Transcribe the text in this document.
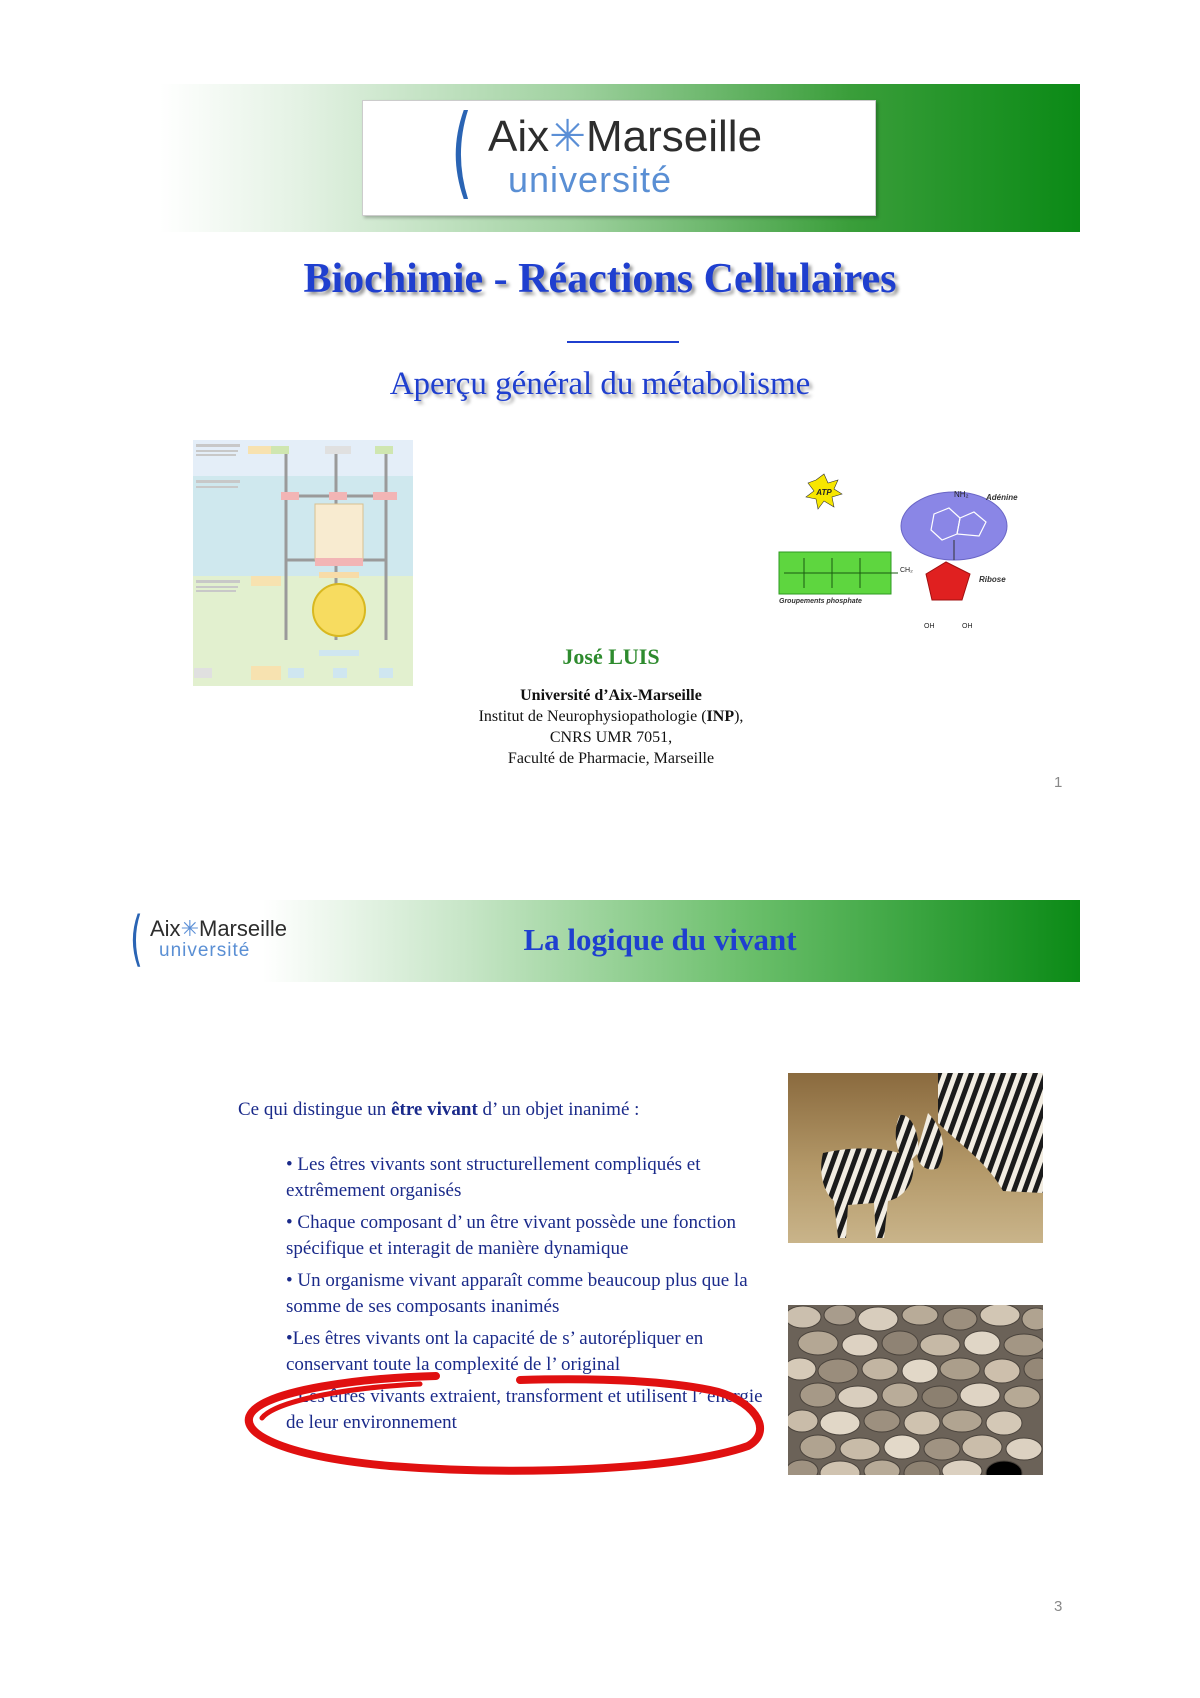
( Aix✳Marseille
université
Biochimie - Réactions Cellulaires
Aperçu général du métabolisme
ATP	NH₂ Adénine
CH₂
Groupements phosphate
Ribose
OH	OH
José LUIS
Université d’Aix-Marseille
Institut de Neurophysiopathologie (INP),
CNRS UMR 7051,
Faculté de Pharmacie, Marseille
1
( Aix✳Marseille
université	La logique du vivant
Ce qui distingue un être vivant d’ un objet inanimé :
• Les êtres vivants sont structurellement compliqués et extrêmement organisés
• Chaque composant d’ un être vivant possède une fonction spécifique et interagit de manière dynamique
• Un organisme vivant apparaît comme beaucoup plus que la somme de ses composants inanimés
•Les êtres vivants ont la capacité de s’ autorépliquer en conservant toute la complexité de l’ original
• Les êtres vivants extraient, transforment et utilisent l’ énergie de leur environnement
3
